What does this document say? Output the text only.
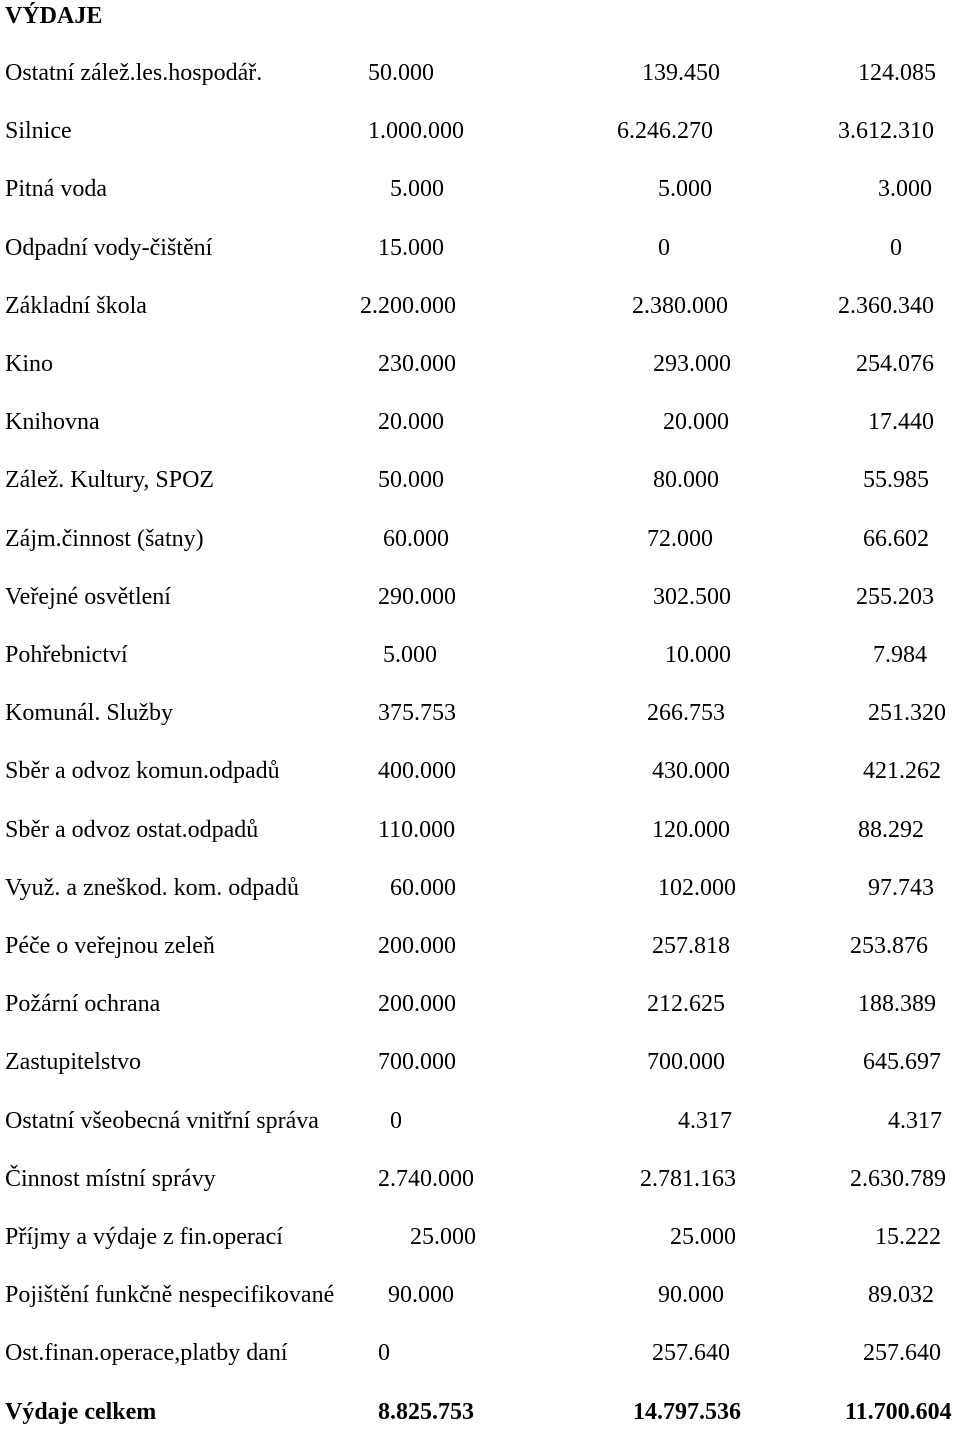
VÝDAJE
Ostatní zálež.les.hospodář.	50.000	139.450	124.085
Silnice	1.000.000	6.246.270	3.612.310
Pitná voda	5.000	5.000	3.000
Odpadní vody-čištění	15.000	0	0
Základní škola	2.200.000	2.380.000	2.360.340
Kino	230.000	293.000	254.076
Knihovna	20.000	20.000	17.440
Zálež. Kultury, SPOZ	50.000	80.000	55.985
Zájm.činnost (šatny)	60.000	72.000	66.602
Veřejné osvětlení	290.000	302.500	255.203
Pohřebnictví	5.000	10.000	7.984
Komunál. Služby	375.753	266.753	251.320
Sběr a odvoz komun.odpadů	400.000	430.000	421.262
Sběr a odvoz ostat.odpadů	110.000	120.000	88.292
Využ. a zneškod. kom. odpadů	60.000	102.000	97.743
Péče o veřejnou zeleň	200.000	257.818	253.876
Požární ochrana	200.000	212.625	188.389
Zastupitelstvo	700.000	700.000	645.697
Ostatní všeobecná vnitřní správa	0	4.317	4.317
Činnost místní správy	2.740.000	2.781.163	2.630.789
Příjmy a výdaje z fin.operací	25.000	25.000	15.222
Pojištění funkčně nespecifikované 90.000	90.000	89.032
Ost.finan.operace,platby daní	0	257.640	257.640
Výdaje celkem	8.825.753	14.797.536	11.700.604
